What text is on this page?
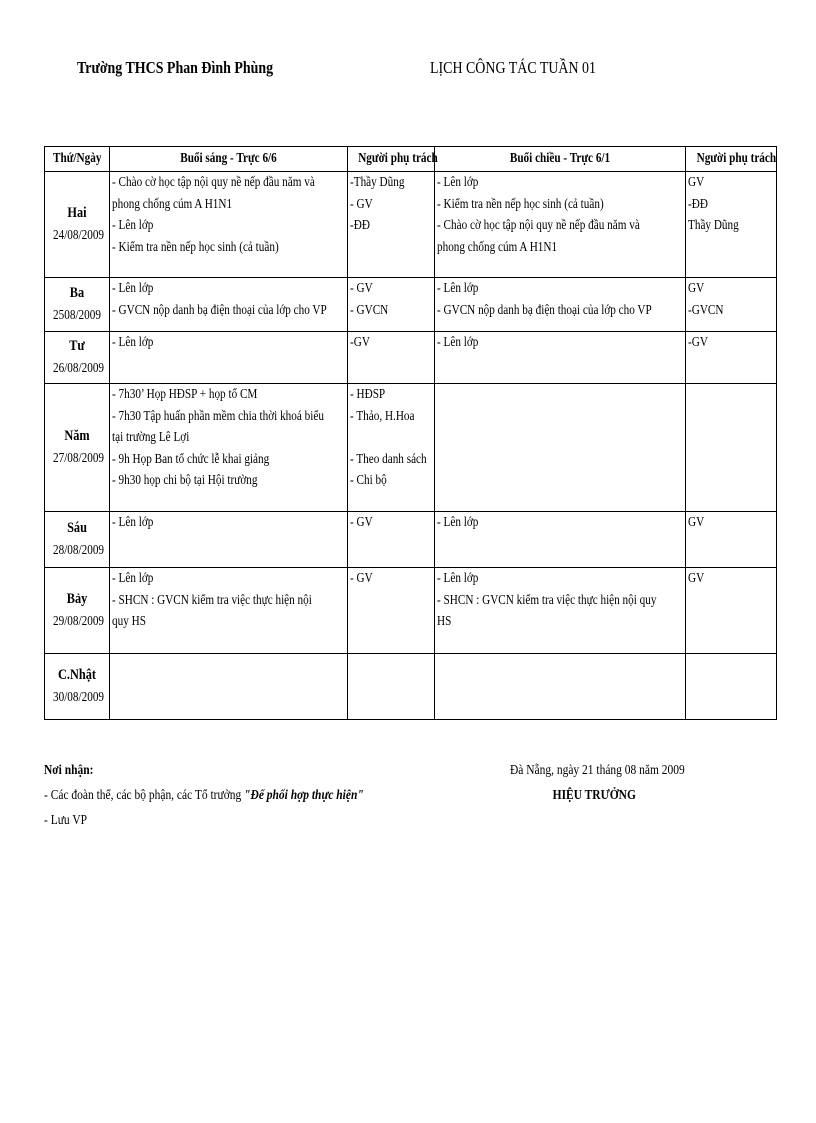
Trường THCS Phan Đình Phùng	LỊCH CÔNG TÁC TUẦN 01
Thứ/Ngày	Buổi sáng - Trực 6/6	Người phụ trách	Buổi chiều - Trực 6/1	Người phụ trách

Hai
24/08/2009	- Chào cờ học tập nội quy nề nếp đầu năm và
phong chống cúm A H1N1
- Lên lớp
- Kiểm tra nền nếp học sinh (cả tuần)	-Thầy Dũng
- GV
-ĐĐ	- Lên lớp
- Kiểm tra nền nếp học sinh (cả tuần)
- Chào cờ học tập nội quy nề nếp đầu năm và
phong chống cúm A H1N1	GV
-ĐĐ
Thầy Dũng

Ba
2508/2009	- Lên lớp
- GVCN nộp danh bạ điện thoại của lớp cho VP	- GV
- GVCN	- Lên lớp
- GVCN nộp danh bạ điện thoại của lớp cho VP	GV
-GVCN

Tư
26/08/2009	- Lên lớp	-GV	- Lên lớp	-GV

Năm
27/08/2009	- 7h30’ Họp HĐSP + họp tổ CM
- 7h30 Tập huấn phần mềm chia thời khoá biểu
tại trường Lê Lợi
- 9h Họp Ban tổ chức lễ khai giảng
- 9h30 họp chi bộ tại Hội trường	- HĐSP
- Thảo, H.Hoa
- Theo danh sách
- Chi bộ		

Sáu
28/08/2009	- Lên lớp	- GV	- Lên lớp	GV

Bảy
29/08/2009	- Lên lớp
- SHCN : GVCN kiểm tra việc thực hiện nội
quy HS	- GV	- Lên lớp
- SHCN : GVCN kiểm tra việc thực hiện nội quy
HS	GV

C.Nhật
30/08/2009				

Nơi nhận:
- Các đoàn thể, các bộ phận, các Tổ trưởng "Để phối hợp thực hiện"
- Lưu VP
Đà Nẵng, ngày 21 tháng 08 năm 2009
HIỆU TRƯỞNG
